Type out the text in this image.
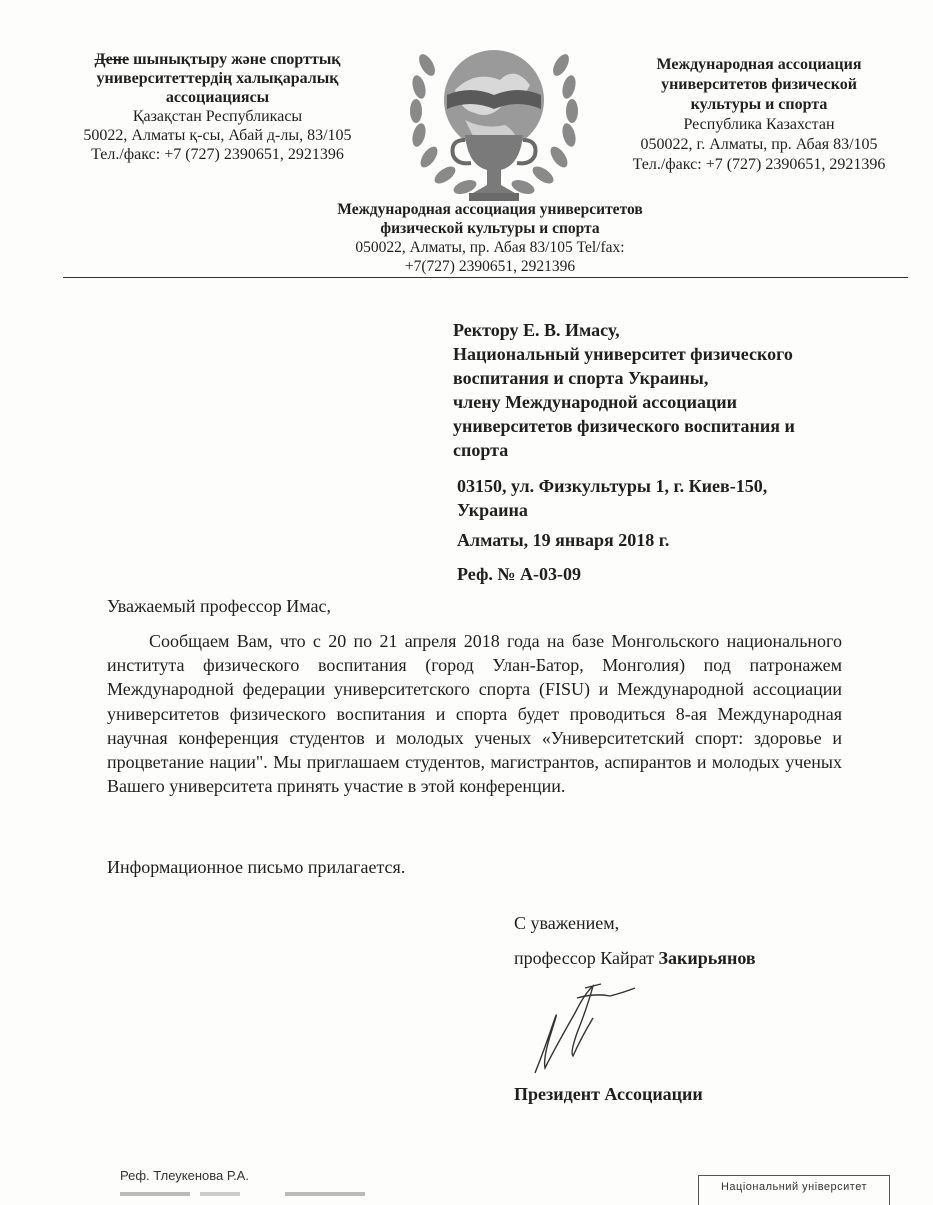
Дене шынықтыру және спорттық
университеттердің халықаралық
ассоциациясы
Қазақстан Республикасы
50022, Алматы қ-сы, Абай д-лы, 83/105
Тел./факс: +7 (727) 2390651, 2921396
Международная ассоциация
университетов физической
культуры и спорта
Республика Казахстан
050022, г. Алматы, пр. Абая 83/105
Тел./факс: +7 (727) 2390651, 2921396
Международная ассоциация университетов
физической культуры и спорта
050022, Алматы, пр. Абая 83/105 Tel/fax:
+7(727) 2390651, 2921396
Ректору Е. В. Имасу,
Национальный университет физического
воспитания и спорта Украины,
члену Международной ассоциации
университетов физического воспитания и
спорта
03150, ул. Физкультуры 1, г. Киев-150,
Украина
Алматы, 19 января 2018 г.
Реф. № А-03-09
Уважаемый профессор Имас,
Сообщаем Вам, что с 20 по 21 апреля 2018 года на базе Монгольского национального института физического воспитания (город Улан-Батор, Монголия) под патронажем Международной федерации университетского спорта (FISU) и Международной ассоциации университетов физического воспитания и спорта будет проводиться 8-ая Международная научная конференция студентов и молодых ученых «Университетский спорт: здоровье и процветание нации". Мы приглашаем студентов, магистрантов, аспирантов и молодых ученых Вашего университета принять участие в этой конференции.
Информационное письмо прилагается.
С уважением,
профессор Кайрат Закирьянов
Президент Ассоциации
Реф. Тлеукенова Р.А.
Національний університет
